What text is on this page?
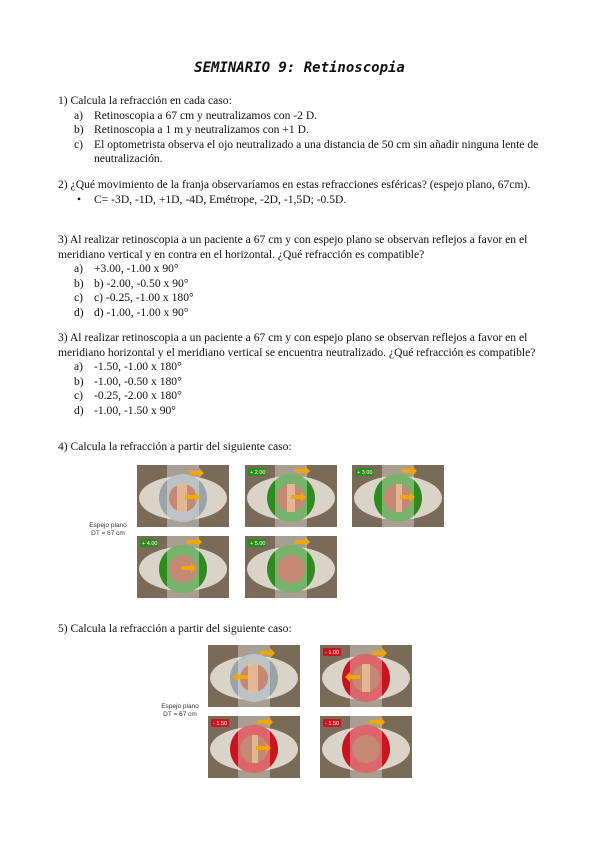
SEMINARIO 9: Retinoscopia

1) Calcula la refracción en cada caso:

a) Retinoscopia a 67 cm y neutralizamos con -2 D.
b) Retinoscopia a 1 m y neutralizamos con +1 D.
c) El optometrista observa el ojo neutralizado a una distancia de 50 cm sin añadir ninguna lente de neutralización.

2) ¿Qué movimiento de la franja observaríamos en estas refracciones esféricas? (espejo plano, 67cm).

• C= -3D, -1D, +1D, -4D, Emétrope, -2D, -1,5D; -0.5D.

3) Al realizar retinoscopia a un paciente a 67 cm y con espejo plano se observan reflejos a favor en el meridiano vertical y en contra en el horizontal. ¿Qué refracción es compatible?

a) +3.00, -1.00 x 90°
b) b) -2.00, -0.50 x 90°
c) c) -0.25, -1.00 x 180°
d) d) -1.00, -1.00 x 90°

3) Al realizar retinoscopia a un paciente a 67 cm y con espejo plano se observan reflejos a favor en el meridiano horizontal y el meridiano vertical se encuentra neutralizado. ¿Qué refracción es compatible?

a) -1.50, -1.00 x 180°
b) -1.00, -0.50 x 180°
c) -0.25, -2.00 x 180°
d) -1.00, -1.50 x 90°

4) Calcula la refracción a partir del siguiente caso:

Espejo plano
DT = 67 cm
+ 2.00	+ 3.00
+ 4.00	+ 5.00

5) Calcula la refracción a partir del siguiente caso:

Espejo plano
DT = 67 cm
- 1.00
- 1.50	- 1.50
